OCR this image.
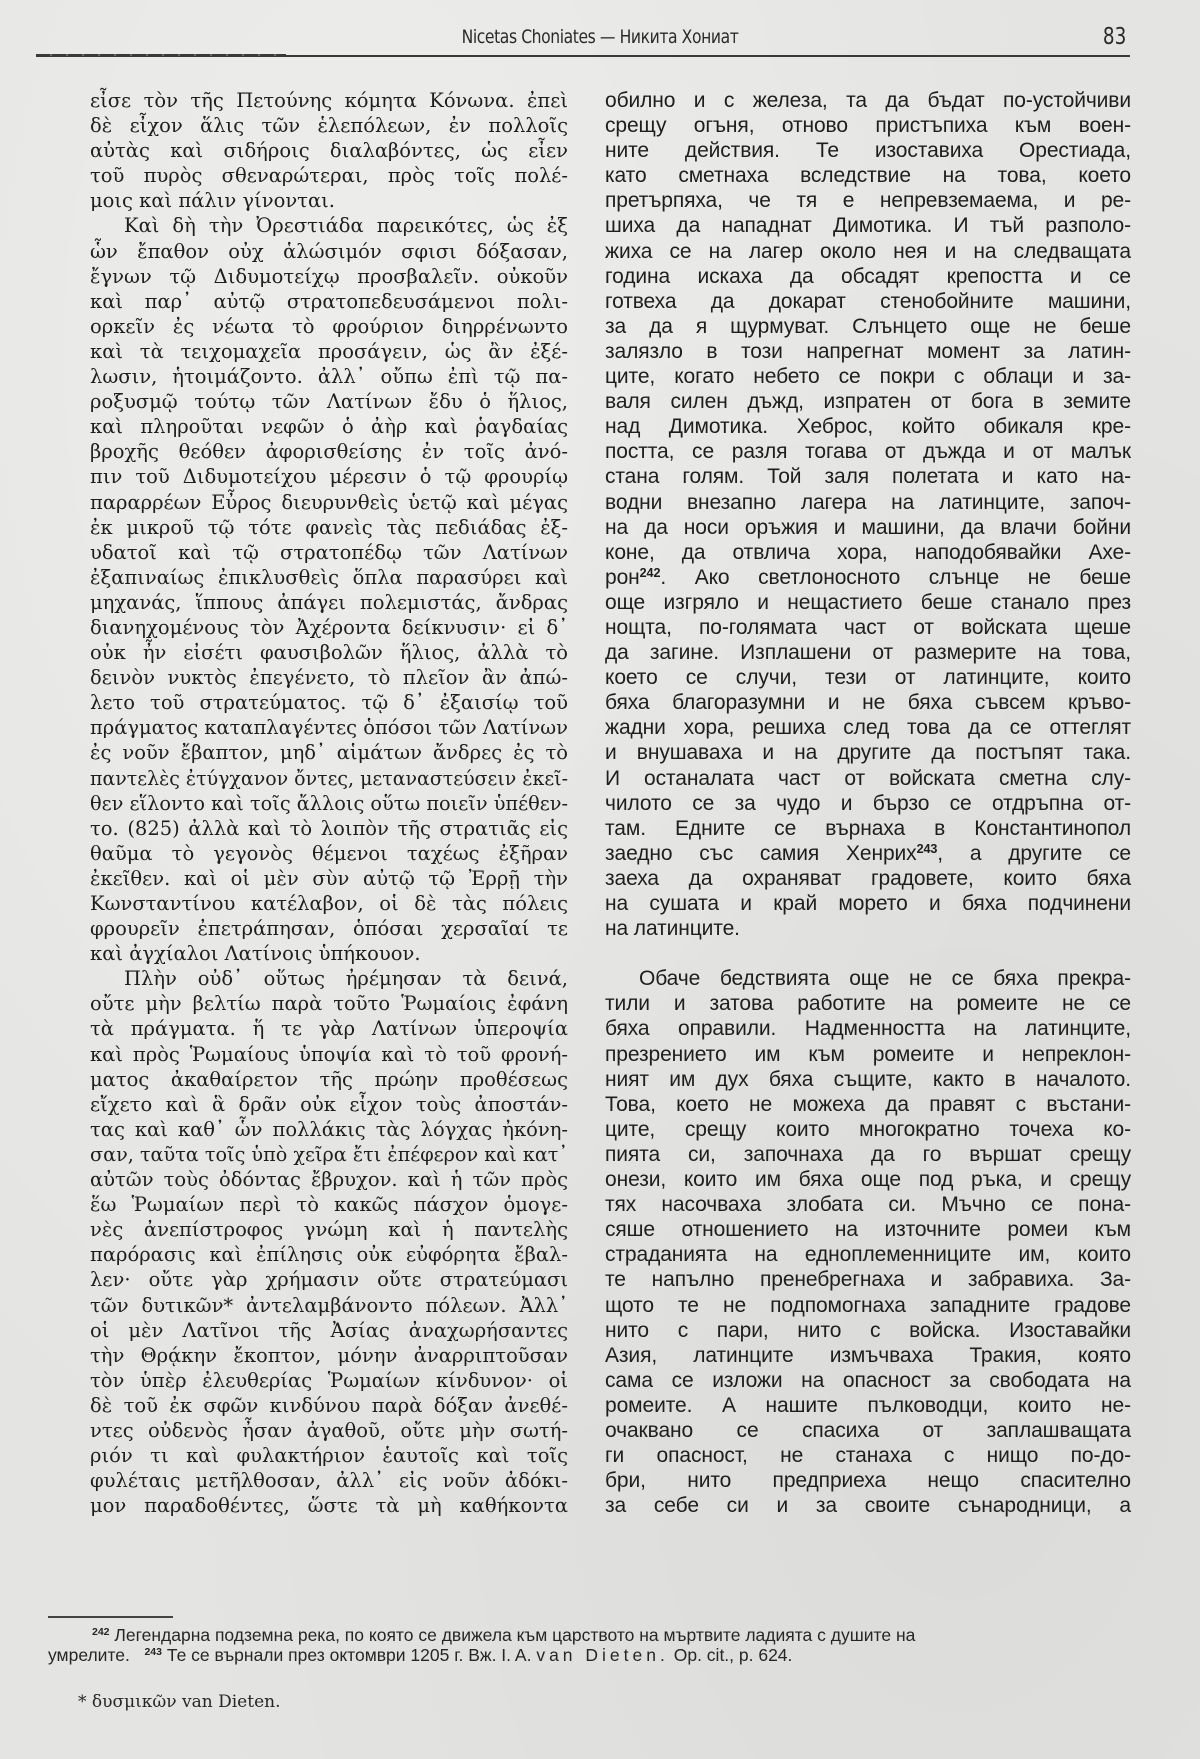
Nicetas Choniates — Никита Хониат	83
εἶσε τὸν τῆς Πετούνης κόμητα Κόνωνα. ἐπεὶ
δὲ εἶχον ἅλις τῶν ἑλεπόλεων, ἐν πολλοῖς
αὐτὰς καὶ σιδήροις διαλαβόντες, ὡς εἶεν
τοῦ πυρὸς σθεναρώτεραι, πρὸς τοῖς πολέ-
μοις καὶ πάλιν γίνονται.
Καὶ δὴ τὴν Ὀρεστιάδα παρεικότες, ὡς ἐξ
ὧν ἔπαθον οὐχ ἁλώσιμόν σφισι δόξασαν,
ἔγνων τῷ Διδυμοτείχῳ προσβαλεῖν. οὐκοῦν
καὶ παρ᾽ αὐτῷ στρατοπεδευσάμενοι πολι-
ορκεῖν ἐς νέωτα τὸ φρούριον διηρρένωντο
καὶ τὰ τειχομαχεῖα προσάγειν, ὡς ἂν ἐξέ-
λωσιν, ἡτοιμάζοντο. ἀλλ᾽ οὔπω ἐπὶ τῷ πα-
ροξυσμῷ τούτῳ τῶν Λατίνων ἔδυ ὁ ἥλιος,
καὶ πληροῦται νεφῶν ὁ ἀὴρ καὶ ῥαγδαίας
βροχῆς θεόθεν ἀφορισθείσης ἐν τοῖς ἀνό-
πιν τοῦ Διδυμοτείχου μέρεσιν ὁ τῷ φρουρίῳ
παραρρέων Εὖρος διευρυνθεὶς ὑετῷ καὶ μέγας
ἐκ μικροῦ τῷ τότε φανεὶς τὰς πεδιάδας ἐξ-
υδατοῖ καὶ τῷ στρατοπέδῳ τῶν Λατίνων
ἐξαπιναίως ἐπικλυσθεὶς ὅπλα παρασύρει καὶ
μηχανάς, ἵππους ἀπάγει πολεμιστάς, ἄνδρας
διανηχομένους τὸν Ἀχέροντα δείκνυσιν· εἰ δ᾽
οὐκ ἦν εἰσέτι φαυσιβολῶν ἥλιος, ἀλλὰ τὸ
δεινὸν νυκτὸς ἐπεγένετο, τὸ πλεῖον ἂν ἀπώ-
λετο τοῦ στρατεύματος. τῷ δ᾽ ἐξαισίῳ τοῦ
πράγματος καταπλαγέντες ὁπόσοι τῶν Λατίνων
ἐς νοῦν ἔβαπτον, μηδ᾽ αἱμάτων ἄνδρες ἐς τὸ
παντελὲς ἐτύγχανον ὄντες, μεταναστεύσειν ἐκεῖ-
θεν εἵλοντο καὶ τοῖς ἄλλοις οὕτω ποιεῖν ὑπέθεν-
το. (825) ἀλλὰ καὶ τὸ λοιπὸν τῆς στρατιᾶς εἰς
θαῦμα τὸ γεγονὸς θέμενοι ταχέως ἐξῆραν
ἐκεῖθεν. καὶ οἱ μὲν σὺν αὐτῷ τῷ Ἐρρῇ τὴν
Κωνσταντίνου κατέλαβον, οἱ δὲ τὰς πόλεις
φρουρεῖν ἐπετράπησαν, ὁπόσαι χερσαῖαί τε
καὶ ἀγχίαλοι Λατίνοις ὑπήκουον.
Πλὴν οὐδ᾽ οὕτως ἠρέμησαν τὰ δεινά,
οὔτε μὴν βελτίω παρὰ τοῦτο Ῥωμαίοις ἐφάνη
τὰ πράγματα. ἥ τε γὰρ Λατίνων ὑπεροψία
καὶ πρὸς Ῥωμαίους ὑποψία καὶ τὸ τοῦ φρονή-
ματος ἀκαθαίρετον τῆς πρώην προθέσεως
εἴχετο καὶ ἃ δρᾶν οὐκ εἶχον τοὺς ἀποστάν-
τας καὶ καθ᾽ ὧν πολλάκις τὰς λόγχας ἠκόνη-
σαν, ταῦτα τοῖς ὑπὸ χεῖρα ἔτι ἐπέφερον καὶ κατ᾽
αὐτῶν τοὺς ὀδόντας ἔβρυχον. καὶ ἡ τῶν πρὸς
ἕω Ῥωμαίων περὶ τὸ κακῶς πάσχον ὁμογε-
νὲς ἀνεπίστροφος γνώμη καὶ ἡ παντελὴς
παρόρασις καὶ ἐπίλησις οὐκ εὐφόρητα ἔβαλ-
λεν· οὔτε γὰρ χρήμασιν οὔτε στρατεύμασι
τῶν δυτικῶν* ἀντελαμβάνοντο πόλεων. Ἀλλ᾽
οἱ μὲν Λατῖνοι τῆς Ἀσίας ἀναχωρήσαντες
τὴν Θρᾴκην ἔκοπτον, μόνην ἀναρριπτοῦσαν
τὸν ὑπὲρ ἐλευθερίας Ῥωμαίων κίνδυνον· οἱ
δὲ τοῦ ἐκ σφῶν κινδύνου παρὰ δόξαν ἀνεθέ-
ντες οὐδενὸς ἦσαν ἀγαθοῦ, οὔτε μὴν σωτή-
ριόν τι καὶ φυλακτήριον ἑαυτοῖς καὶ τοῖς
φυλέταις μετῆλθοσαν, ἀλλ᾽ εἰς νοῦν ἀδόκι-
μον παραδοθέντες, ὥστε τὰ μὴ καθήκοντα
обилно и с железа, та да бъдат по-устойчиви
срещу огъня, отново пристъпиха към воен-
ните действия. Те изоставиха Орестиада,
като сметнаха вследствие на това, което
претърпяха, че тя е непревземаема, и ре-
шиха да нападнат Димотика. И тъй разполо-
жиха се на лагер около нея и на следващата
година искаха да обсадят крепостта и се
готвеха да докарат стенобойните машини,
за да я щурмуват. Слънцето още не беше
залязло в този напрегнат момент за латин-
ците, когато небето се покри с облаци и за-
валя силен дъжд, изпратен от бога в земите
над Димотика. Хеброс, който обикаля кре-
постта, се разля тогава от дъжда и от малък
стана голям. Той заля полетата и като на-
водни внезапно лагера на латинците, започ-
на да носи оръжия и машини, да влачи бойни
коне, да отвлича хора, наподобявайки Ахе-
рон$^{242}$. Ако светлоносното слънце не беше
още изгряло и нещастието беше станало през
нощта, по-голямата част от войската щеше
да загине. Изплашени от размерите на това,
което се случи, тези от латинците, които
бяха благоразумни и не бяха съвсем кръво-
жадни хора, решиха след това да се оттеглят
и внушаваха и на другите да постъпят така.
И останалата част от войската сметна слу-
чилото се за чудо и бързо се отдръпна от-
там. Едните се върнаха в Константинопол
заедно със самия Хенрих$^{243}$, а другите се
заеха да охраняват градовете, които бяха
на сушата и край морето и бяха подчинени
на латинците.
Обаче бедствията още не се бяха прекра-
тили и затова работите на ромеите не се
бяха оправили. Надменността на латинците,
презрението им към ромеите и непреклон-
ният им дух бяха същите, както в началото.
Това, което не можеха да правят с въстани-
ците, срещу които многократно точеха ко-
пията си, започнаха да го вършат срещу
онези, които им бяха още под ръка, и срещу
тях насочваха злобата си. Мъчно се пона-
сяше отношението на източните ромеи към
страданията на еднoплеменниците им, които
те напълно пренебрегнаха и забравиха. За-
щото те не подпомогнаха западните градове
нито с пари, нито с войска. Изоставайки
Азия, латинците измъчваха Тракия, която
сама се изложи на опасност за свободата на
ромеите. А нашите пълководци, които не-
очаквано се спасиха от заплашващата
ги опасност, не станаха с нищо по-до-
бри, нито предприеха нещо спасително
за себе си и за своите сънародници, а
$^{242}$ Легендарна подземна река, по която се движела към царството на мъртвите ладията с душите на
умрелите. $^{243}$ Те се върнали през октомври 1205 г. Вж. I. A. van Dieten. Op. cit., p. 624.
* δυσμικῶν van Dieten.
